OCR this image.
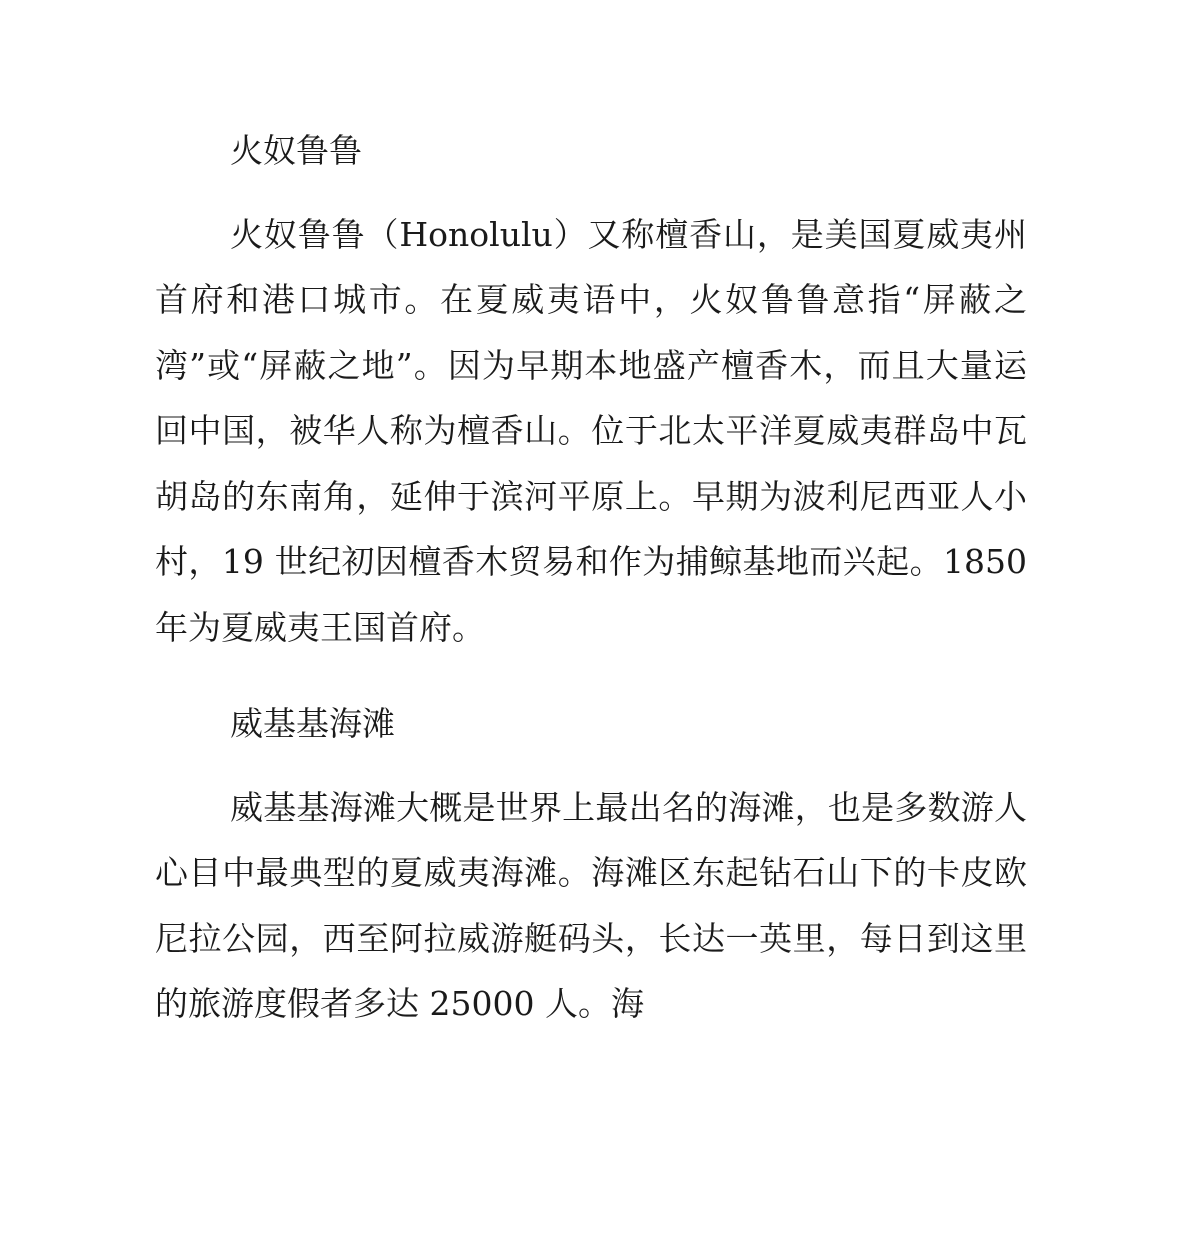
火奴鲁鲁

火奴鲁鲁（Honolulu）又称檀香山，是美国夏威夷州首府和港口城市。在夏威夷语中，火奴鲁鲁意指“屏蔽之湾”或“屏蔽之地”。因为早期本地盛产檀香木，而且大量运回中国，被华人称为檀香山。位于北太平洋夏威夷群岛中瓦胡岛的东南角，延伸于滨河平原上。早期为波利尼西亚人小村，19 世纪初因檀香木贸易和作为捕鲸基地而兴起。1850 年为夏威夷王国首府。

威基基海滩

威基基海滩大概是世界上最出名的海滩，也是多数游人心目中最典型的夏威夷海滩。海滩区东起钻石山下的卡皮欧尼拉公园，西至阿拉威游艇码头，长达一英里，每日到这里的旅游度假者多达 25000 人。海
